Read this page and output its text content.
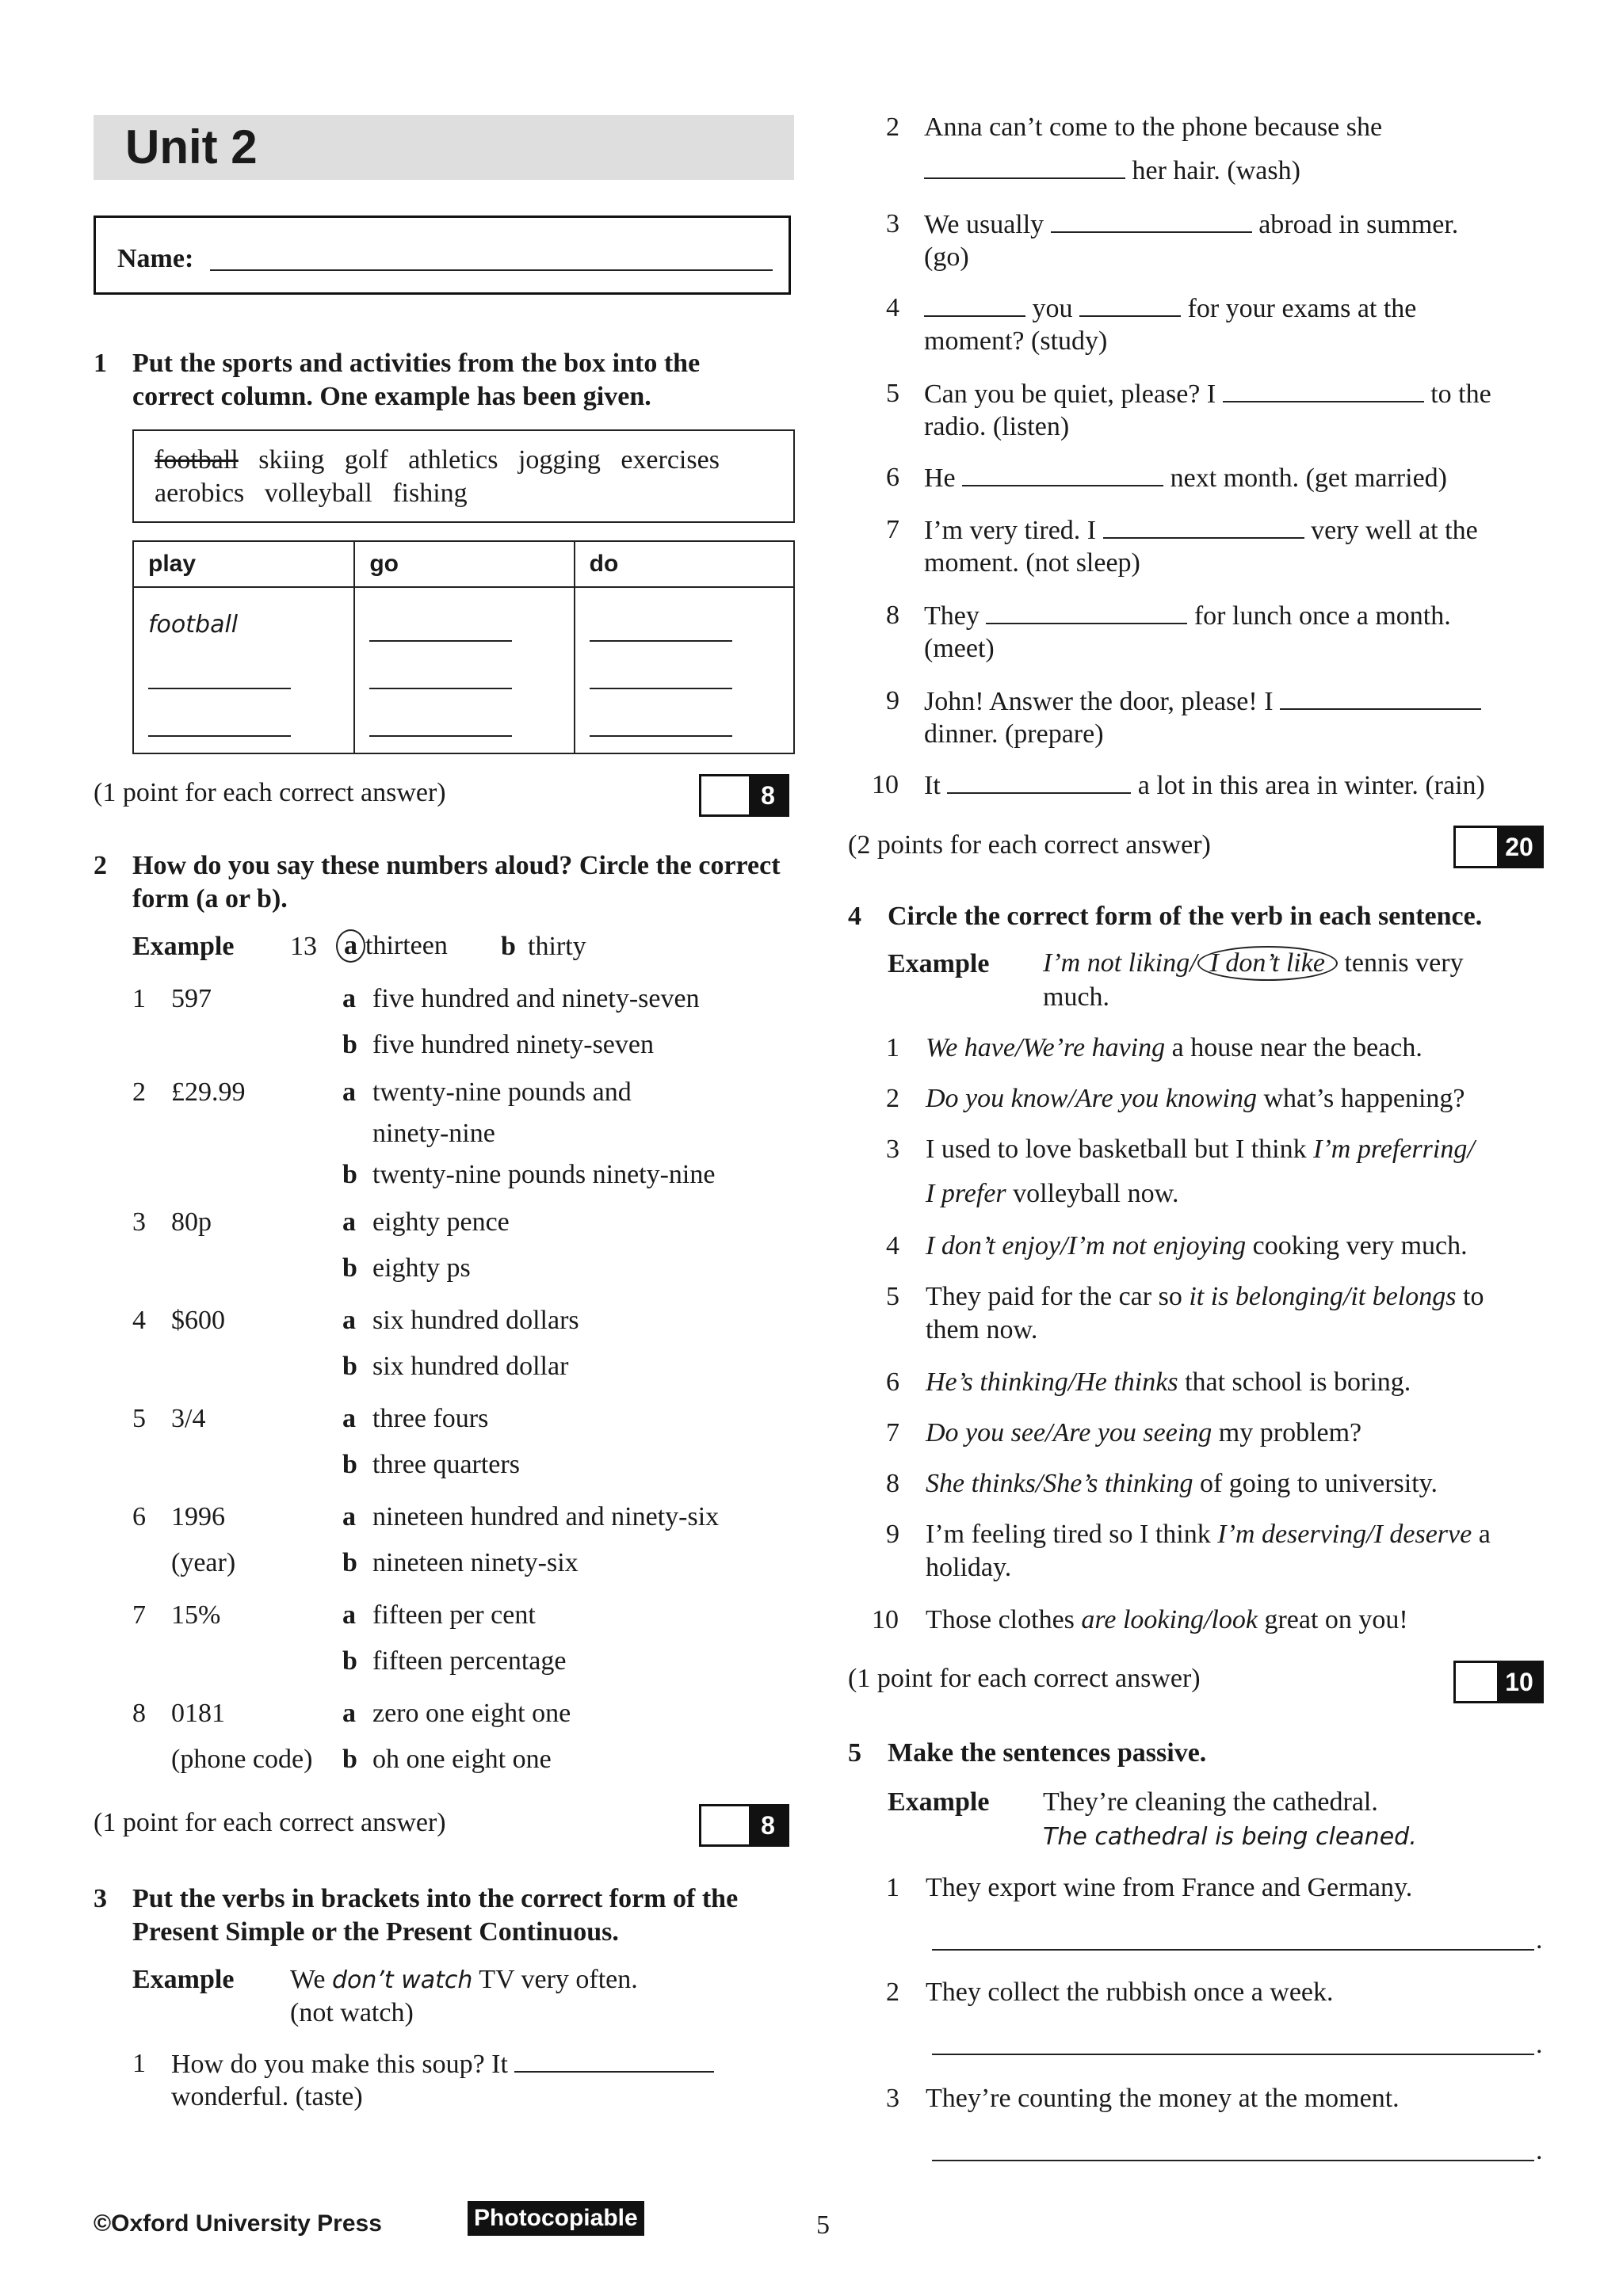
Unit 2
Name:
1 Put the sports and activities from the box into the
correct column. One example has been given.
football skiing   golf   athletics   jogging   exercises
aerobics   volleyball   fishing
play	go	do

football		

(1 point for each correct answer)	8
2 How do you say these numbers aloud? Circle the correct
form (a or b).
Example 13 a thirteen b thirty
1 597	a five hundred and ninety-seven
b five hundred ninety-seven
2 £29.99	a twenty-nine pounds and
ninety-nine
b twenty-nine pounds ninety-nine
3 80p	a eighty pence
b eighty ps
4 $600	a six hundred dollars
b six hundred dollar
5 3/4	a three fours
b three quarters
6 1996
(year)
a nineteen hundred and ninety-six
b nineteen ninety-six
7 15%	a fifteen per cent
b fifteen percentage
8 0181
(phone code)
a zero one eight one
b oh one eight one
(1 point for each correct answer)	8
3 Put the verbs in brackets into the correct form of the
Present Simple or the Present Continuous.
Example We don’t watch TV very often.
(not watch)
1 How do you make this soup? It
wonderful. (taste)
©Oxford University Press	Photocopiable	5
2 Anna can’t come to the phone because she
her hair. (wash)
3 We usually	abroad in summer.
(go)
4	you	for your exams at the
moment? (study)
5 Can you be quiet, please? I	to the
radio. (listen)
6 He	next month. (get married)
7 I’m very tired. I	very well at the
moment. (not sleep)
8 They	for lunch once a month.
(meet)
9 John! Answer the door, please! I
dinner. (prepare)
10 It	a lot in this area in winter. (rain)
(2 points for each correct answer)	20
4 Circle the correct form of the verb in each sentence.
Example I’m not liking/ I don’t like tennis very
much.
1 We have/We’re having a house near the beach.
2 Do you know/Are you knowing what’s happening?
3 I used to love basketball but I think I’m preferring/
I prefer volleyball now.
4 I don’t enjoy/I’m not enjoying cooking very much.
5 They paid for the car so it is belonging/it belongs to
them now.
6 He’s thinking/He thinks that school is boring.
7 Do you see/Are you seeing my problem?
8 She thinks/She’s thinking of going to university.
9 I’m feeling tired so I think I’m deserving/I deserve a
holiday.
10 Those clothes are looking/look great on you!
(1 point for each correct answer)	10
5 Make the sentences passive.
Example They’re cleaning the cathedral.
The cathedral is being cleaned.
1 They export wine from France and Germany.
.
2 They collect the rubbish once a week.
.
3 They’re counting the money at the moment.
.
